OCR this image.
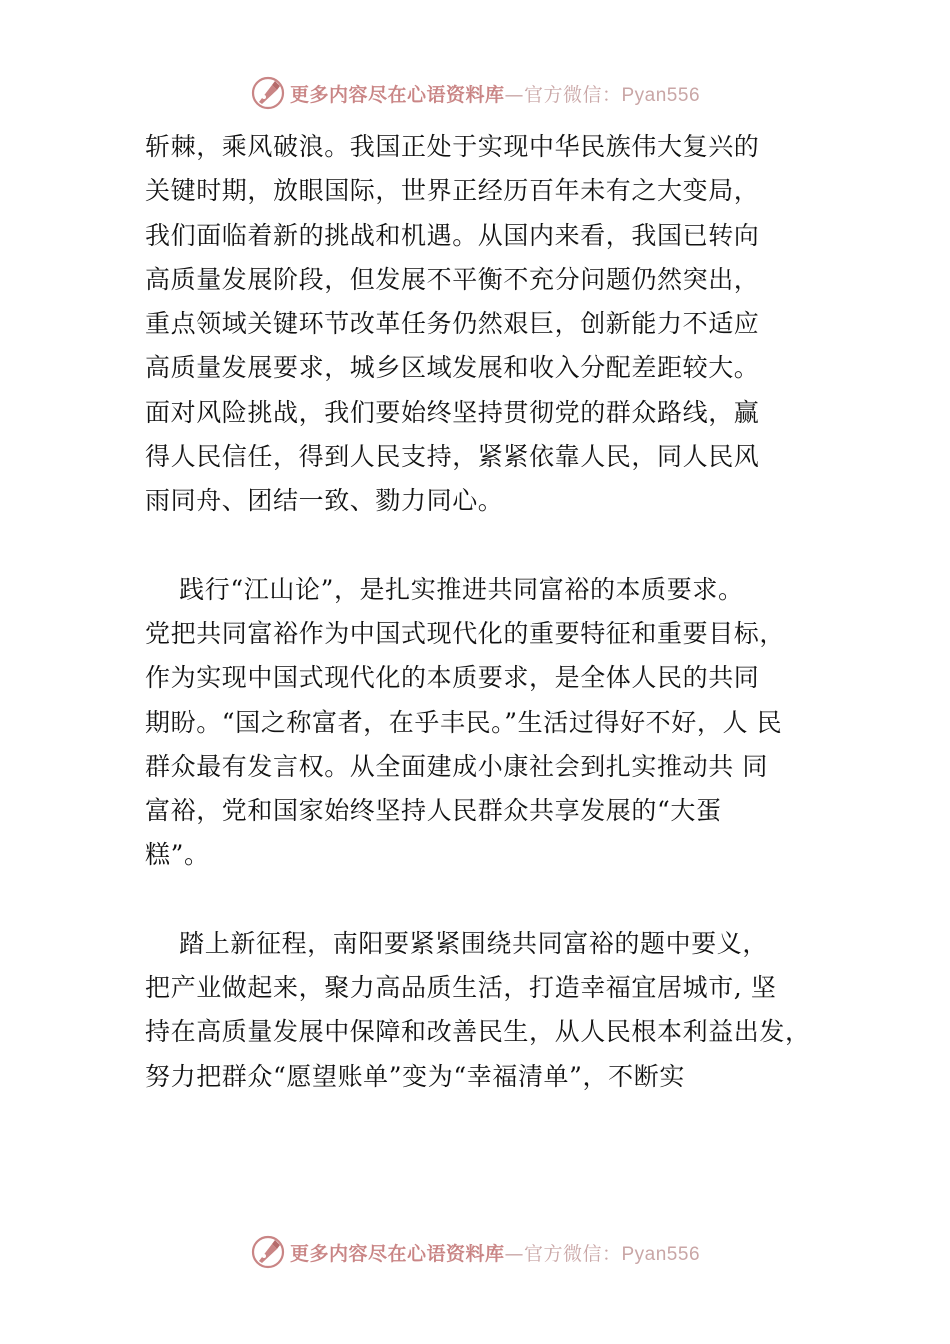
更多内容尽在心语资料库—官方微信：Pyan556

斩棘，乘风破浪。我国正处于实现中华民族伟大复兴的
关键时期，放眼国际，世界正经历百年未有之大变局，
我们面临着新的挑战和机遇。从国内来看，我国已转向
高质量发展阶段，但发展不平衡不充分问题仍然突出，
重点领域关键环节改革任务仍然艰巨，创新能力不适应
高质量发展要求，城乡区域发展和收入分配差距较大。
面对风险挑战，我们要始终坚持贯彻党的群众路线，赢
得人民信任，得到人民支持，紧紧依靠人民，同人民风
雨同舟、团结一致、勠力同心。

践行“江山论”，是扎实推进共同富裕的本质要求。
党把共同富裕作为中国式现代化的重要特征和重要目标，
作为实现中国式现代化的本质要求，是全体人民的共同
期盼。“国之称富者，在乎丰民。”生活过得好不好，人 民
群众最有发言权。从全面建成小康社会到扎实推动共 同
富裕，党和国家始终坚持人民群众共享发展的“大蛋
糕”。

踏上新征程，南阳要紧紧围绕共同富裕的题中要义，
把产业做起来，聚力高品质生活，打造幸福宜居城市, 坚
持在高质量发展中保障和改善民生，从人民根本利益出发，
努力把群众“愿望账单”变为“幸福清单”，不断实

更多内容尽在心语资料库—官方微信：Pyan556
